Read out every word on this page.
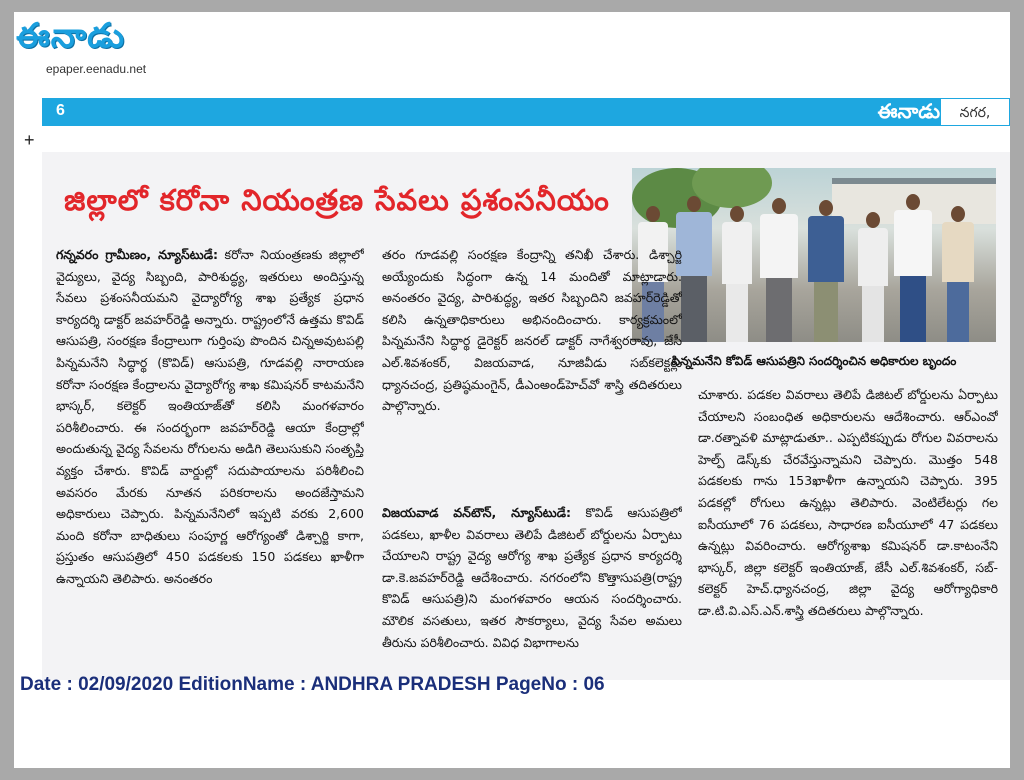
ఈనాడు
epaper.eenadu.net
+
6	ఈనాడు	నగర,
జిల్లాలో కరోనా నియంత్రణ సేవలు ప్రశంసనీయం
పిన్నమనేని కోవిడ్ ఆసుపత్రిని సందర్శించిన అధికారుల బృందం
గన్నవరం గ్రామీణం, న్యూస్‌టుడే: కరోనా నియంత్రణకు జిల్లాలో వైద్యులు, వైద్య సిబ్బంది, పారిశుద్ధ్య, ఇతరులు అందిస్తున్న సేవలు ప్రశంసనీయమని వైద్యారోగ్య శాఖ ప్రత్యేక ప్రధాన కార్యదర్శి డాక్టర్ జవహర్‌రెడ్డి అన్నారు. రాష్ట్రంలోనే ఉత్తమ కొవిడ్ ఆసుపత్రి, సంరక్షణ కేంద్రాలుగా గుర్తింపు పొందిన చిన్నఅవుటపల్లి పిన్నమనేని సిద్ధార్థ (కొవిడ్) ఆసుపత్రి, గూడవల్లి నారాయణ కరోనా సంరక్షణ కేంద్రాలను వైద్యారోగ్య శాఖ కమిషనర్ కాటమనేని భాస్కర్, కలెక్టర్ ఇంతియాజ్‌తో కలిసి మంగళవారం పరిశీలించారు. ఈ సందర్భంగా జవహర్‌రెడ్డి ఆయా కేంద్రాల్లో అందుతున్న వైద్య సేవలను రోగులను అడిగి తెలుసుకుని సంతృప్తి వ్యక్తం చేశారు. కొవిడ్ వార్డుల్లో సదుపాయాలను పరిశీలించి అవసరం మేరకు నూతన పరికరాలను అందజేస్తామని అధికారులు చెప్పారు. పిన్నమనేనిలో ఇప్పటి వరకు 2,600 మంది కరోనా బాధితులు సంపూర్ణ ఆరోగ్యంతో డిశ్చార్జి కాగా, ప్రస్తుతం ఆసుపత్రిలో 450 పడకలకు 150 పడకలు ఖాళీగా ఉన్నాయని తెలిపారు. అనంతరం
తరం గూడవల్లి సంరక్షణ కేంద్రాన్ని తనిఖీ చేశారు. డిశ్చార్జి అయ్యేందుకు సిద్ధంగా ఉన్న 14 మందితో మాట్లాడారు. అనంతరం వైద్య, పారిశుద్ధ్య, ఇతర సిబ్బందిని జవహర్‌రెడ్డితో కలిసి ఉన్నతాధికారులు అభినందించారు. కార్యక్రమంలో పిన్నమనేని సిద్ధార్థ డైరెక్టర్ జనరల్ డాక్టర్ నాగేశ్వరరావు, జేసీ ఎల్.శివశంకర్, విజయవాడ, నూజివీడు సబ్‌కలెక్టర్లు ధ్యానచంద్ర, ప్రతిష్ఠమంగైన్, డీఎంఅండ్‌హెచ్‌వో శాస్త్రి తదితరులు పాల్గొన్నారు.
విజయవాడ వన్‌టౌన్, న్యూస్‌టుడే: కొవిడ్ ఆసుపత్రిలో పడకలు, ఖాళీల వివరాలు తెలిపే డిజిటల్ బోర్డులను ఏర్పాటు చేయాలని రాష్ట్ర వైద్య ఆరోగ్య శాఖ ప్రత్యేక ప్రధాన కార్యదర్శి డా.కె.జవహర్‌రెడ్డి ఆదేశించారు. నగరంలోని కొత్తాసుపత్రి(రాష్ట్ర కొవిడ్ ఆసుపత్రి)ని మంగళవారం ఆయన సందర్శించారు. మౌలిక వసతులు, ఇతర సౌకర్యాలు, వైద్య సేవల అమలు తీరును పరిశీలించారు. వివిధ విభాగాలను
చూశారు. పడకల వివరాలు తెలిపే డిజిటల్ బోర్డులను ఏర్పాటు చేయాలని సంబంధిత అధికారులను ఆదేశించారు. ఆర్ఎంవో డా.రత్నావళి మాట్లాడుతూ.. ఎప్పటికప్పుడు రోగుల వివరాలను హెల్ప్ డెస్క్‌కు చేరవేస్తున్నామని చెప్పారు. మొత్తం 548 పడకలకు గాను 153ఖాళీగా ఉన్నాయని చెప్పారు. 395 పడకల్లో రోగులు ఉన్నట్లు తెలిపారు. వెంటిలేటర్లు గల ఐసీయూలో 76 పడకలు, సాధారణ ఐసీయూలో 47 పడకలు ఉన్నట్లు వివరించారు. ఆరోగ్యశాఖ కమిషనర్ డా.కాటంనేని భాస్కర్, జిల్లా కలెక్టర్ ఇంతియాజ్, జేసీ ఎల్.శివశంకర్, సబ్-కలెక్టర్ హెచ్.ధ్యానచంద్ర, జిల్లా వైద్య ఆరోగ్యాధికారి డా.టి.వి.ఎస్.ఎన్.శాస్త్రి తదితరులు పాల్గొన్నారు.
Date : 02/09/2020 EditionName : ANDHRA PRADESH PageNo : 06
